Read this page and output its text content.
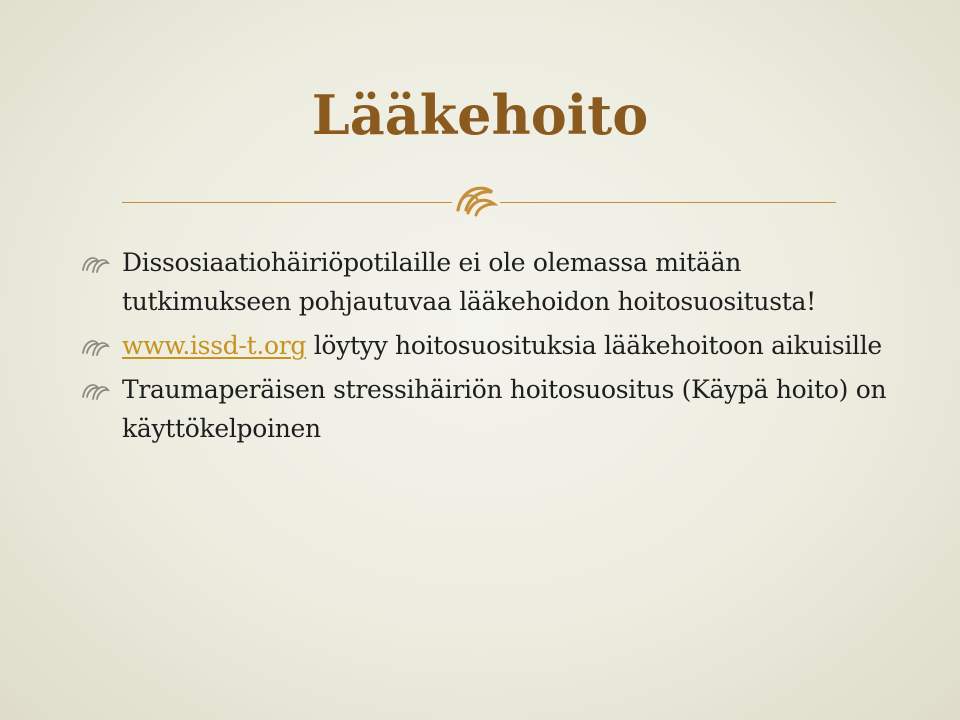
Lääkehoito

Dissosiaatiohäiriöpotilaille ei ole olemassa mitään tutkimukseen pohjautuvaa lääkehoidon hoitosuositusta!

www.issd-t.org löytyy hoitosuosituksia lääkehoitoon aikuisille

Traumaperäisen stressihäiriön hoitosuositus (Käypä hoito) on käyttökelpoinen
